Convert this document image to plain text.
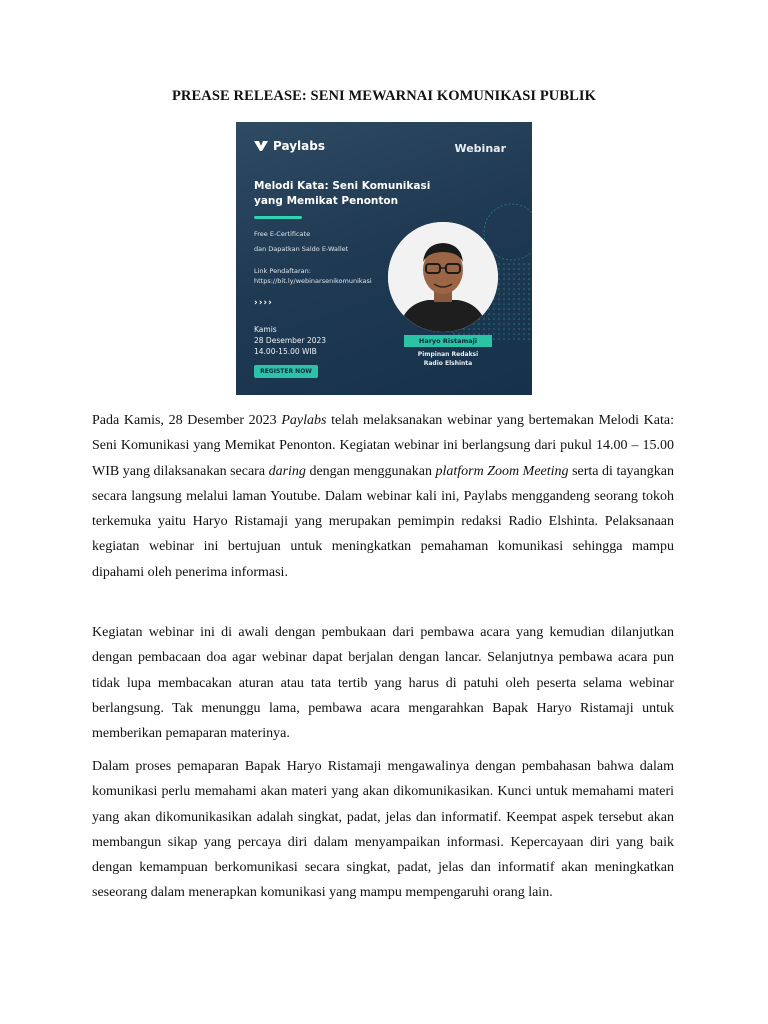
PREASE RELEASE: SENI MEWARNAI KOMUNIKASI PUBLIK
Paylabs	Webinar
Melodi Kata: Seni Komunikasi
yang Memikat Penonton
Free E-Certificate
dan Dapatkan Saldo E-Wallet
Link Pendaftaran:
https://bit.ly/webinarsenikomunikasi
››››
Kamis
28 Desember 2023
14.00-15.00 WIB
REGISTER NOW
Haryo Ristamaji
Pimpinan Redaksi
Radio Elshinta

Pada Kamis, 28 Desember 2023 Paylabs telah melaksanakan webinar yang bertemakan Melodi Kata: Seni Komunikasi yang Memikat Penonton. Kegiatan webinar ini berlangsung dari pukul 14.00 – 15.00 WIB yang dilaksanakan secara daring dengan menggunakan platform Zoom Meeting serta di tayangkan secara langsung melalui laman Youtube. Dalam webinar kali ini, Paylabs menggandeng seorang tokoh terkemuka yaitu Haryo Ristamaji yang merupakan pemimpin redaksi Radio Elshinta. Pelaksanaan kegiatan webinar ini bertujuan untuk meningkatkan pemahaman komunikasi sehingga mampu dipahami oleh penerima informasi.

Kegiatan webinar ini di awali dengan pembukaan dari pembawa acara yang kemudian dilanjutkan dengan pembacaan doa agar webinar dapat berjalan dengan lancar. Selanjutnya pembawa acara pun tidak lupa membacakan aturan atau tata tertib yang harus di patuhi oleh peserta selama webinar berlangsung. Tak menunggu lama, pembawa acara mengarahkan Bapak Haryo Ristamaji untuk memberikan pemaparan materinya.

Dalam proses pemaparan Bapak Haryo Ristamaji mengawalinya dengan pembahasan bahwa dalam komunikasi perlu memahami akan materi yang akan dikomunikasikan. Kunci untuk memahami materi yang akan dikomunikasikan adalah singkat, padat, jelas dan informatif. Keempat aspek tersebut akan membangun sikap yang percaya diri dalam menyampaikan informasi. Kepercayaan diri yang baik dengan kemampuan berkomunikasi secara singkat, padat, jelas dan informatif akan meningkatkan seseorang dalam menerapkan komunikasi yang mampu mempengaruhi orang lain.
